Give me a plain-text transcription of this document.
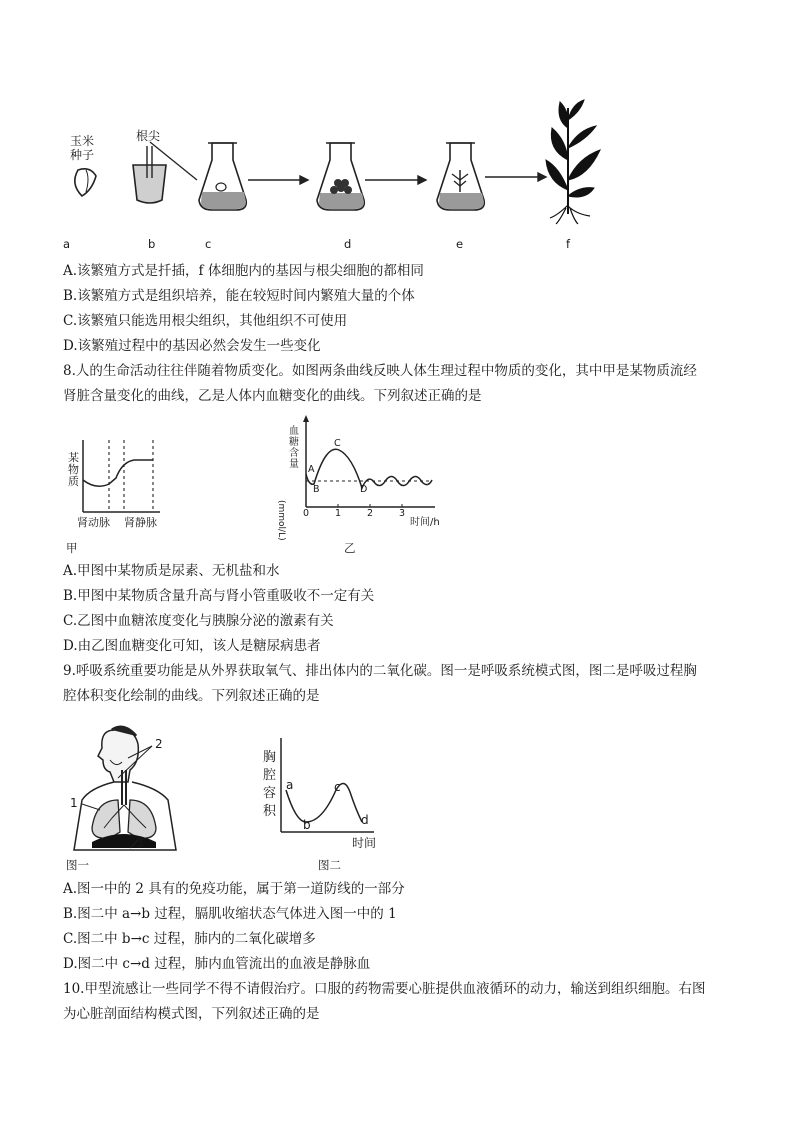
玉米
种子
根尖
a	b	c	d	e	f
A.该繁殖方式是扦插，f 体细胞内的基因与根尖细胞的都相同
B.该繁殖方式是组织培养，能在较短时间内繁殖大量的个体
C.该繁殖只能选用根尖组织，其他组织不可使用
D.该繁殖过程中的基因必然会发生一些变化
8.人的生命活动往往伴随着物质变化。如图两条曲线反映人体生理过程中物质的变化，其中甲是某物质流经
肾脏含量变化的曲线，乙是人体内血糖变化的曲线。下列叙述正确的是
某物质
肾动脉 肾静脉
甲
血糖含量
(mmol/L)
A
B
C
D
0	1	2	3
时间/h
乙
A.甲图中某物质是尿素、无机盐和水
B.甲图中某物质含量升高与肾小管重吸收不一定有关
C.乙图中血糖浓度变化与胰腺分泌的激素有关
D.由乙图血糖变化可知，该人是糖尿病患者
9.呼吸系统重要功能是从外界获取氧气、排出体内的二氧化碳。图一是呼吸系统模式图，图二是呼吸过程胸
腔体积变化绘制的曲线。下列叙述正确的是
2
1
3
图一
胸
腔
容
积
a
b
c
d
时间
图二
A.图一中的 2 具有的免疫功能，属于第一道防线的一部分
B.图二中 a→b 过程，膈肌收缩状态气体进入图一中的 1
C.图二中 b→c 过程，肺内的二氧化碳增多
D.图二中 c→d 过程，肺内血管流出的血液是静脉血
10.甲型流感让一些同学不得不请假治疗。口服的药物需要心脏提供血液循环的动力，输送到组织细胞。右图
为心脏剖面结构模式图，下列叙述正确的是
